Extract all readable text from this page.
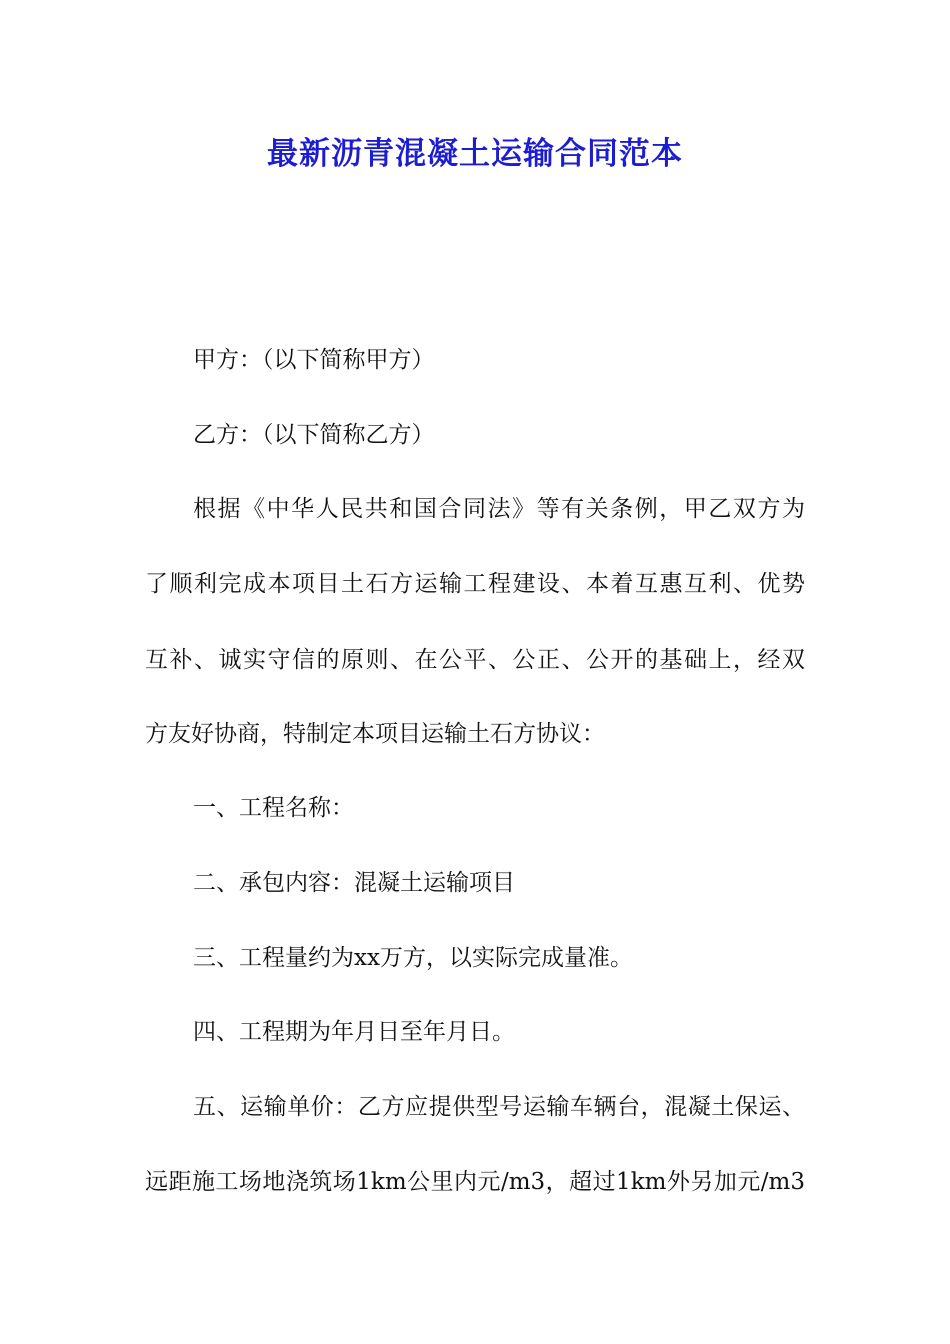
最新沥青混凝土运输合同范本
甲方：（以下简称甲方）
乙方：（以下简称乙方）
根据《中华人民共和国合同法》等有关条例，甲乙双方为
了顺利完成本项目土石方运输工程建设、本着互惠互利、优势
互补、诚实守信的原则、在公平、公正、公开的基础上，经双
方友好协商，特制定本项目运输土石方协议：
一、工程名称：
二、承包内容：混凝土运输项目
三、工程量约为xx万方，以实际完成量准。
四、工程期为年月日至年月日。
五、运输单价：乙方应提供型号运输车辆台，混凝土保运、
远距施工场地浇筑场1km公里内元/m3，超过1km外另加元/m3
